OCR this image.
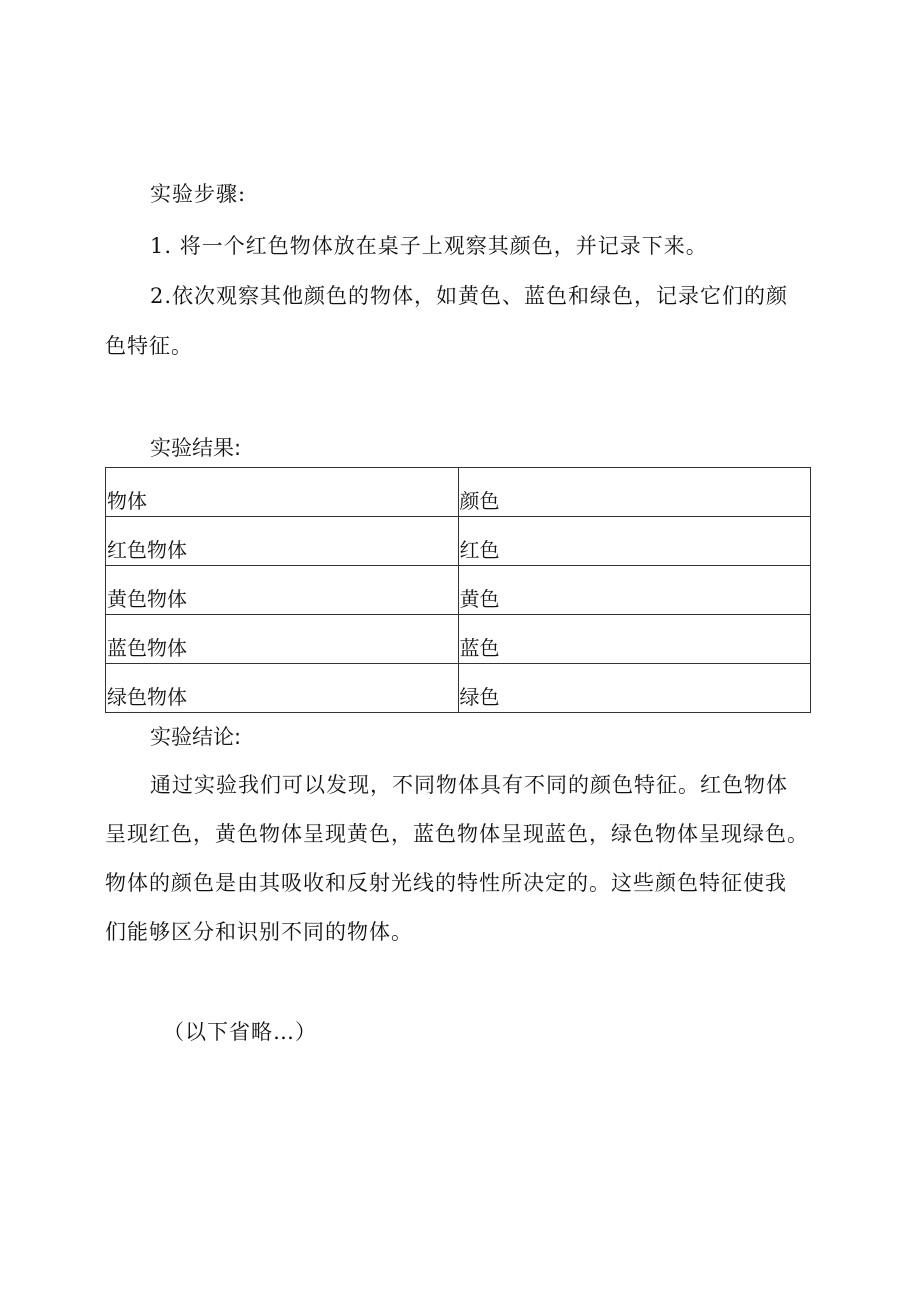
实验步骤:
1. 将一个红色物体放在桌子上观察其颜色，并记录下来。
2.依次观察其他颜色的物体，如黄色、蓝色和绿色，记录它们的颜
色特征。
实验结果:
物体	颜色

红色物体	红色

黄色物体	黄色

蓝色物体	蓝色

绿色物体	绿色
实验结论:
通过实验我们可以发现，不同物体具有不同的颜色特征。红色物体
呈现红色，黄色物体呈现黄色，蓝色物体呈现蓝色，绿色物体呈现绿色。
物体的颜色是由其吸收和反射光线的特性所决定的。这些颜色特征使我
们能够区分和识别不同的物体。
（以下省略…）
